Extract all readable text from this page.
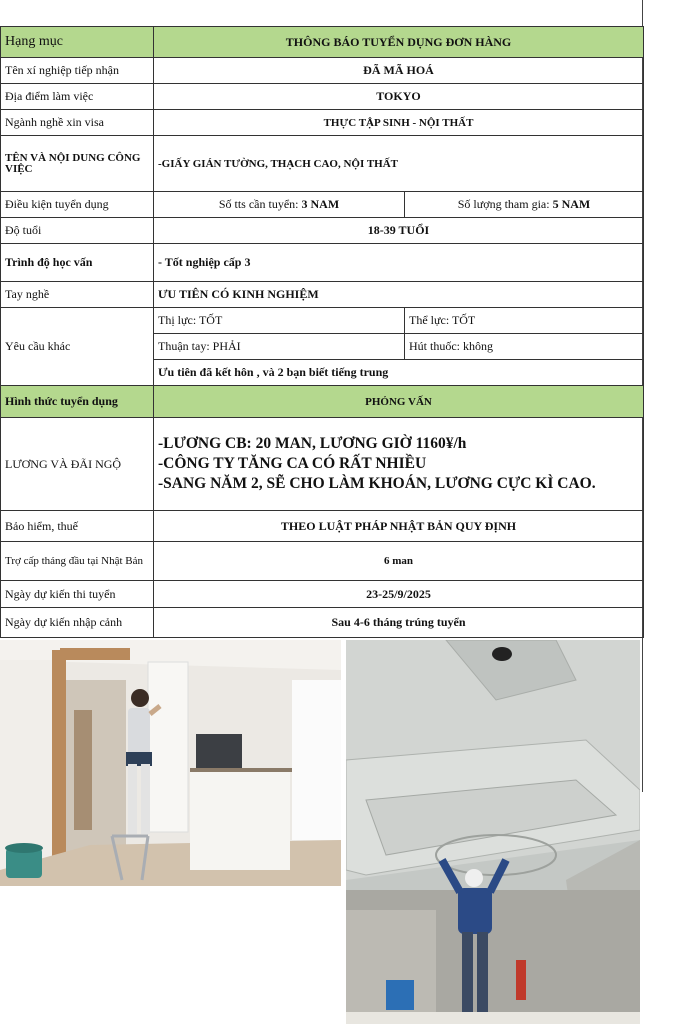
Hạng mục	THÔNG BÁO TUYỂN DỤNG ĐƠN HÀNG	
Tên xí nghiệp tiếp nhận	ĐÃ MÃ HOÁ	
Địa điểm làm việc	TOKYO	
Ngành nghề xin visa	THỰC TẬP SINH - NỘI THẤT	
TÊN VÀ NỘI DUNG CÔNG VIỆC	-GIẤY GIÁN TƯỜNG, THẠCH CAO, NỘI THẤT	
Điều kiện tuyển dụng	Số tts cần tuyển: 3 NAM	Số lượng tham gia: 5 NAM
Độ tuổi	18-39 TUỔI	
Trình độ học vấn	- Tốt nghiệp cấp 3	
Tay nghề	ƯU TIÊN CÓ KINH NGHIỆM	
Yêu cầu khác	Thị lực: TỐT	Thể lực: TỐT
	Thuận tay: PHẢI	Hút thuốc: không
	Ưu tiên đã kết hôn , và 2 bạn biết tiếng trung	
Hình thức tuyển dụng	PHỎNG VẤN	
LƯƠNG VÀ ĐÃI NGỘ	-LƯƠNG CB: 20 MAN, LƯƠNG GIỜ 1160¥/h
-CÔNG TY TĂNG CA CÓ RẤT NHIỀU
-SANG NĂM 2, SẼ CHO LÀM KHOÁN, LƯƠNG CỰC KÌ CAO.	

Bảo hiểm, thuế	THEO LUẬT PHÁP NHẬT BẢN QUY ĐỊNH	
Trợ cấp tháng đầu tại Nhật Bản	6 man	
Ngày dự kiến thi tuyển	23-25/9/2025	
Ngày dự kiến nhập cảnh	Sau 4-6 tháng trúng tuyển	
